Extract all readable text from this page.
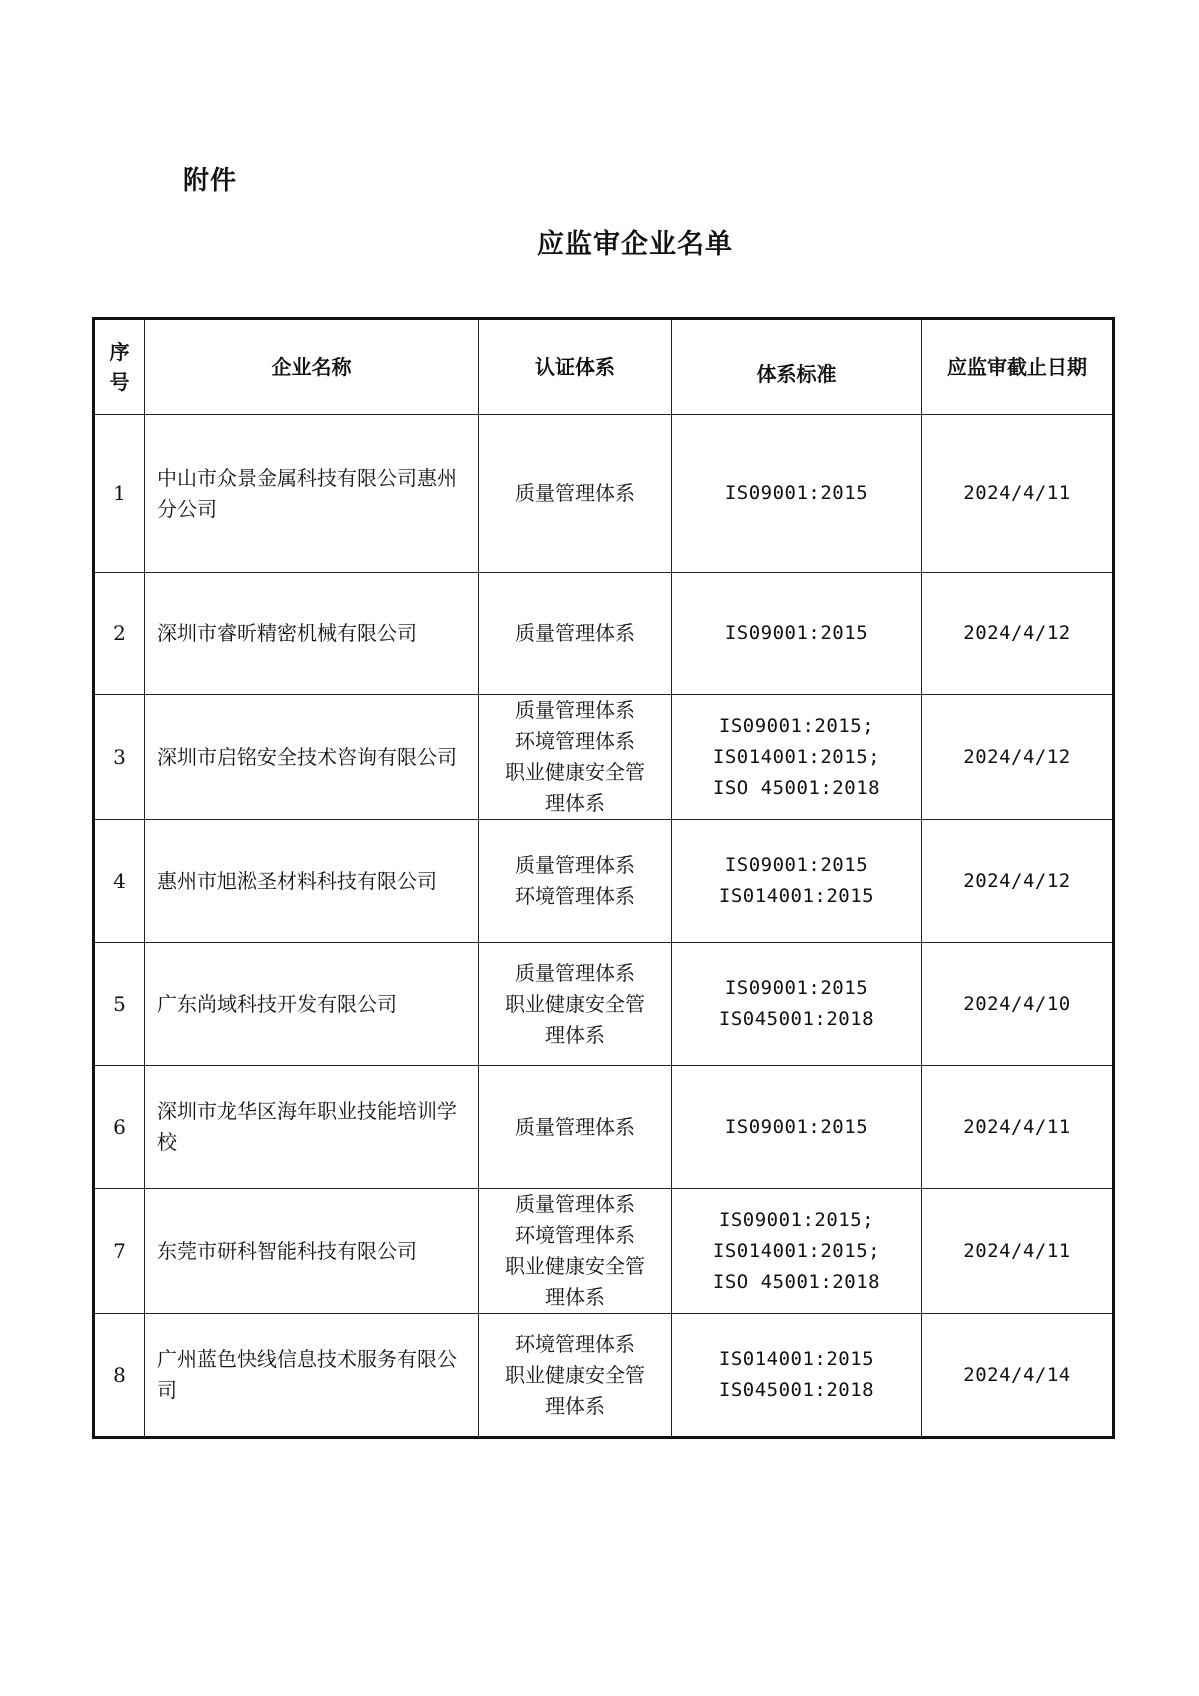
附件
应监审企业名单
序
号	企业名称	认证体系	体系标准	应监审截止日期
1	中山市众景金属科技有限公司惠州分公司	质量管理体系	IS09001:2015	2024/4/11
2	深圳市睿昕精密机械有限公司	质量管理体系	IS09001:2015	2024/4/12
3	深圳市启铭安全技术咨询有限公司	质量管理体系
环境管理体系
职业健康安全管
理体系	IS09001:2015;
IS014001:2015;
ISO 45001:2018	2024/4/12
4	惠州市旭淞圣材料科技有限公司	质量管理体系
环境管理体系	IS09001:2015
IS014001:2015	2024/4/12
5	广东尚域科技开发有限公司	质量管理体系
职业健康安全管
理体系	IS09001:2015
IS045001:2018	2024/4/10
6	深圳市龙华区海年职业技能培训学校	质量管理体系	IS09001:2015	2024/4/11
7	东莞市研科智能科技有限公司	质量管理体系
环境管理体系
职业健康安全管
理体系	IS09001:2015;
IS014001:2015;
ISO 45001:2018	2024/4/11
8	广州蓝色快线信息技术服务有限公司	环境管理体系
职业健康安全管
理体系	IS014001:2015
IS045001:2018	2024/4/14
